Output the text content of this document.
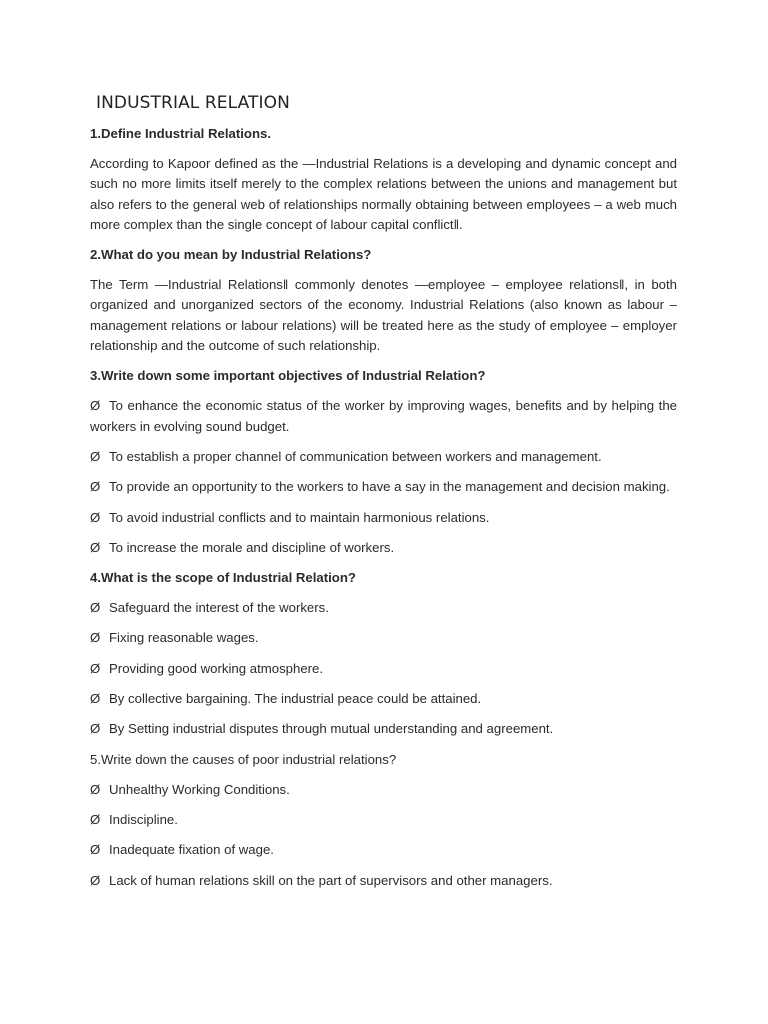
INDUSTRIAL RELATION

1.Define Industrial Relations.

According to Kapoor defined as the ―Industrial Relations is a developing and dynamic concept and such no more limits itself merely to the complex relations between the unions and management but also refers to the general web of relationships normally obtaining between employees – a web much more complex than the single concept of labour capital conflict‖.

2.What do you mean by Industrial Relations?

The Term ―Industrial Relations‖ commonly denotes ―employee – employee relations‖, in both organized and unorganized sectors of the economy. Industrial Relations (also known as labour – management relations or labour relations) will be treated here as the study of employee – employer relationship and the outcome of such relationship.

3.Write down some important objectives of Industrial Relation?

Ø To enhance the economic status of the worker by improving wages, benefits and by helping the workers in evolving sound budget.

Ø To establish a proper channel of communication between workers and management.

Ø To provide an opportunity to the workers to have a say in the management and decision making.

Ø To avoid industrial conflicts and to maintain harmonious relations.

Ø To increase the morale and discipline of workers.

4.What is the scope of Industrial Relation?

Ø Safeguard the interest of the workers.

Ø Fixing reasonable wages.

Ø Providing good working atmosphere.

Ø By collective bargaining. The industrial peace could be attained.

Ø By Setting industrial disputes through mutual understanding and agreement.

5.Write down the causes of poor industrial relations?

Ø Unhealthy Working Conditions.

Ø Indiscipline.

Ø Inadequate fixation of wage.

Ø Lack of human relations skill on the part of supervisors and other managers.
